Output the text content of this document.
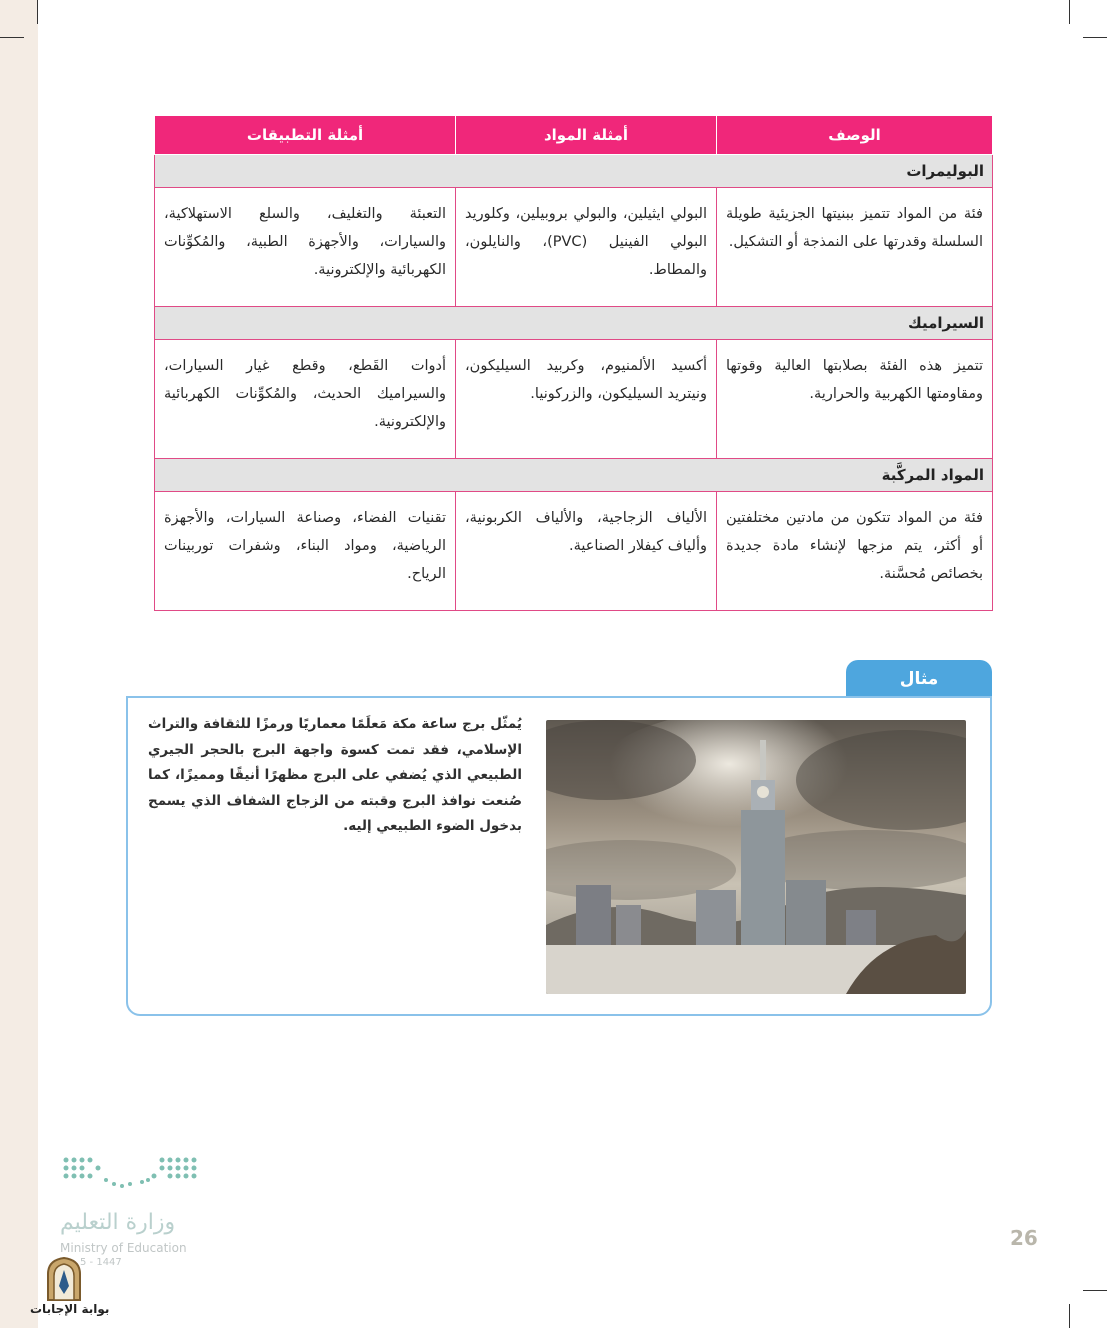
الوصف	أمثلة المواد	أمثلة التطبيقات
البوليمرات		
فئة من المواد تتميز ببنيتها الجزيئية طويلة السلسلة وقدرتها على النمذجة أو التشكيل.	البولي ايثيلين، والبولي بروبيلين، وكلوريد البولي الفينيل (PVC)، والنايلون، والمطاط.	التعبئة والتغليف، والسلع الاستهلاكية، والسيارات، والأجهزة الطبية، والمُكوِّنات الكهربائية والإلكترونية.
السيراميك		
تتميز هذه الفئة بصلابتها العالية وقوتها ومقاومتها الكهربية والحرارية.	أكسيد الألمنيوم، وكربيد السيليكون، ونيتريد السيليكون، والزركونيا.	أدوات القَطع، وقطع غيار السيارات، والسيراميك الحديث، والمُكوِّنات الكهربائية والإلكترونية.
المواد المركَّبة		
فئة من المواد تتكون من مادتين مختلفتين أو أكثر، يتم مزجها لإنشاء مادة جديدة بخصائص مُحسَّنة.	الألياف الزجاجية، والألياف الكربونية، وألياف كيفلار الصناعية.	تقنيات الفضاء، وصناعة السيارات، والأجهزة الرياضية، ومواد البناء، وشفرات توربينات الرياح.
مثال
يُمثّل برج ساعة مكة مَعلَمًا معماريًا ورمزًا للثقافة والتراث الإسلامي، فقد تمت كسوة واجهة البرج بالحجر الجيري الطبيعي الذي يُضفي على البرج مظهرًا أنيقًا ومميزًا، كما صُنعت نوافذ البرج وقبته من الزجاج الشفاف الذي يسمح بدخول الضوء الطبيعي إليه.
26
وزارة التعليم
Ministry of Education
5 - 1447
بوابة الإجابات
